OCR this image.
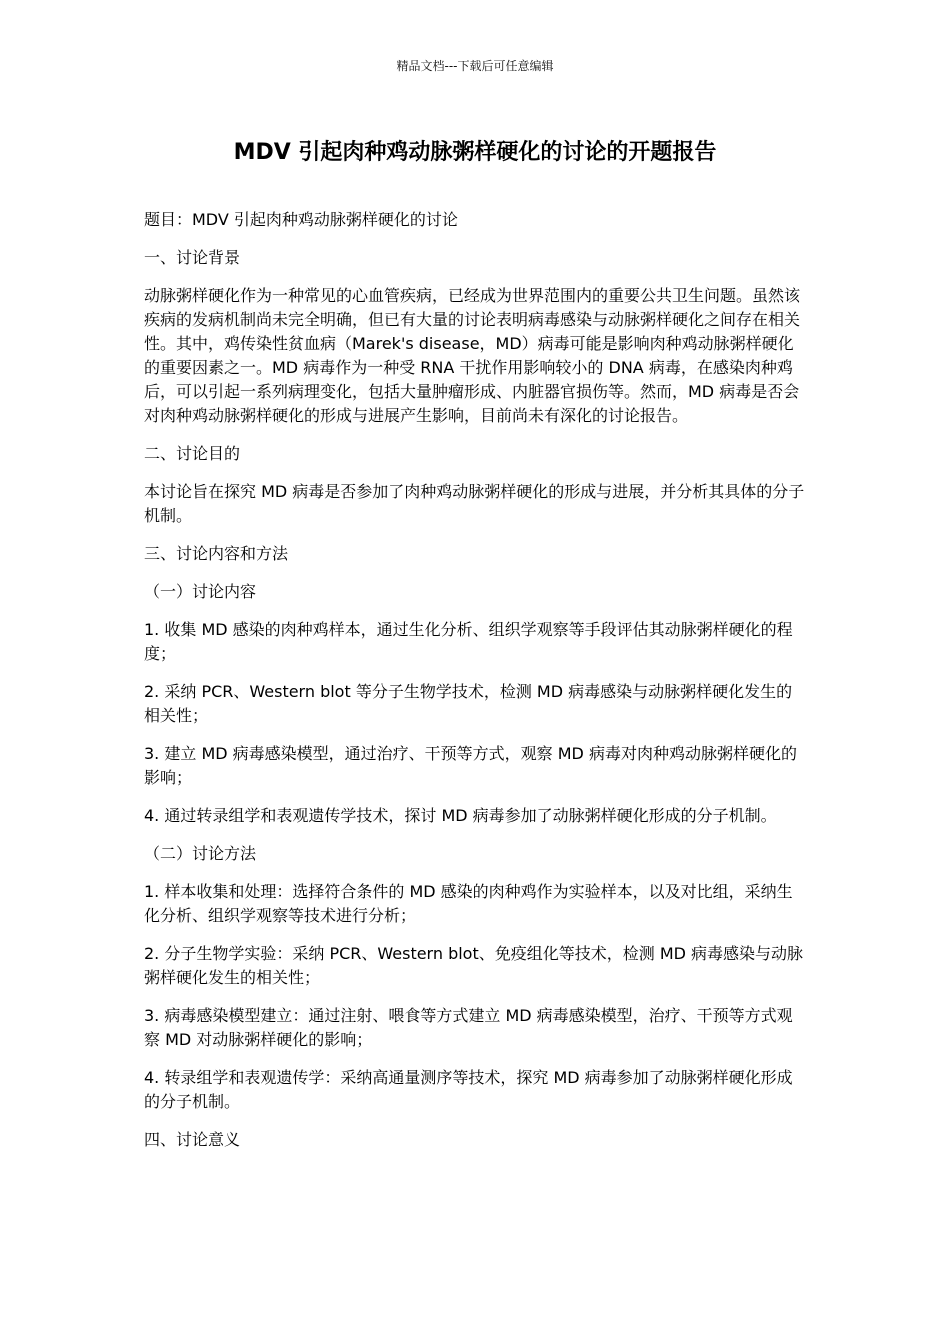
精品文档---下载后可任意编辑
MDV 引起肉种鸡动脉粥样硬化的讨论的开题报告

题目：MDV 引起肉种鸡动脉粥样硬化的讨论

一、讨论背景

动脉粥样硬化作为一种常见的心血管疾病，已经成为世界范围内的重要公共卫生问题。虽然该疾病的发病机制尚未完全明确，但已有大量的讨论表明病毒感染与动脉粥样硬化之间存在相关性。其中，鸡传染性贫血病（Marek's disease，MD）病毒可能是影响肉种鸡动脉粥样硬化的重要因素之一。MD 病毒作为一种受 RNA 干扰作用影响较小的 DNA 病毒，在感染肉种鸡后，可以引起一系列病理变化，包括大量肿瘤形成、内脏器官损伤等。然而，MD 病毒是否会对肉种鸡动脉粥样硬化的形成与进展产生影响，目前尚未有深化的讨论报告。

二、讨论目的

本讨论旨在探究 MD 病毒是否参加了肉种鸡动脉粥样硬化的形成与进展，并分析其具体的分子机制。

三、讨论内容和方法

（一）讨论内容

1. 收集 MD 感染的肉种鸡样本，通过生化分析、组织学观察等手段评估其动脉粥样硬化的程度；

2. 采纳 PCR、Western blot 等分子生物学技术，检测 MD 病毒感染与动脉粥样硬化发生的相关性；

3. 建立 MD 病毒感染模型，通过治疗、干预等方式，观察 MD 病毒对肉种鸡动脉粥样硬化的影响；

4. 通过转录组学和表观遗传学技术，探讨 MD 病毒参加了动脉粥样硬化形成的分子机制。

（二）讨论方法

1. 样本收集和处理：选择符合条件的 MD 感染的肉种鸡作为实验样本，以及对比组，采纳生化分析、组织学观察等技术进行分析；

2. 分子生物学实验：采纳 PCR、Western blot、免疫组化等技术，检测 MD 病毒感染与动脉粥样硬化发生的相关性；

3. 病毒感染模型建立：通过注射、喂食等方式建立 MD 病毒感染模型，治疗、干预等方式观察 MD 对动脉粥样硬化的影响；

4. 转录组学和表观遗传学：采纳高通量测序等技术，探究 MD 病毒参加了动脉粥样硬化形成的分子机制。

四、讨论意义
